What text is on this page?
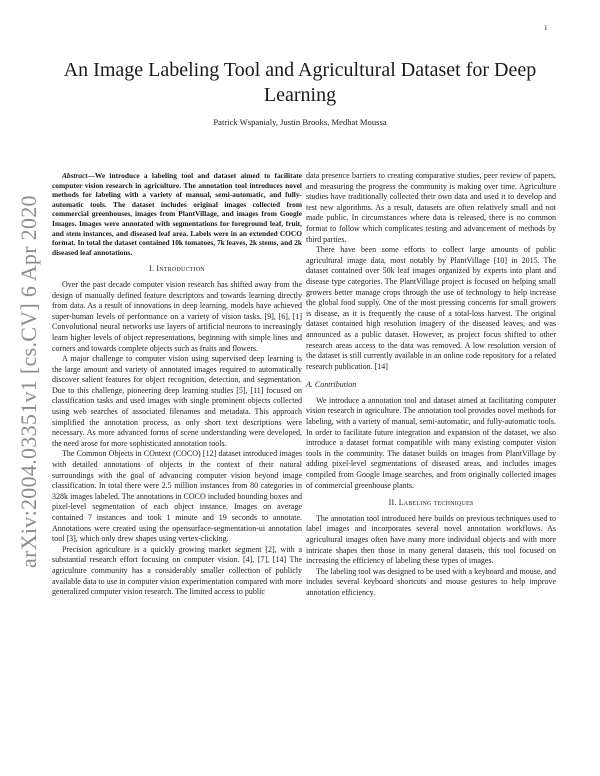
1
arXiv:2004.03351v1 [cs.CV] 6 Apr 2020
An Image Labeling Tool and Agricultural Dataset for Deep Learning
Patrick Wspanialy, Justin Brooks, Medhat Moussa

Abstract—We introduce a labeling tool and dataset aimed to facilitate computer vision research in agriculture. The annotation tool introduces novel methods for labeling with a variety of manual, semi-automatic, and fully-automatic tools. The dataset includes original images collected from commercial greenhouses, images from PlantVillage, and images from Google Images. Images were annotated with segmentations for foreground leaf, fruit, and stem instances, and diseased leaf area. Labels were in an extended COCO format. In total the dataset contained 10k tomatoes, 7k leaves, 2k stems, and 2k diseased leaf annotations.

I. Introduction

Over the past decade computer vision research has shifted away from the design of manually defined feature descriptors and towards learning directly from data. As a result of innovations in deep learning, models have achieved super-human levels of performance on a variety of vision tasks. [9], [6], [1] Convolutional neural networks use layers of artificial neurons to increasingly learn higher levels of object representations, beginning with simple lines and corners and towards complete objects such as fruits and flowers.

A major challenge to computer vision using supervised deep learning is the large amount and variety of annotated images required to automatically discover salient features for object recognition, detection, and segmentation. Due to this challenge, pioneering deep learning studies [5], [11] focused on classification tasks and used images with single prominent objects collected using web searches of associated filenames and metadata. This approach simplified the annotation process, as only short text descriptions were necessary. As more advanced forms of scene understanding were developed, the need arose for more sophisticated annotation tools.

The Common Objects in COntext (COCO) [12] dataset introduced images with detailed annotations of objects in the context of their natural surroundings with the goal of advancing computer vision beyond image classification. In total there were 2.5 million instances from 80 categories in 328k images labeled. The annotations in COCO included bounding boxes and pixel-level segmentation of each object instance. Images on average contained 7 instances and took 1 minute and 19 seconds to annotate. Annotations were created using the opensurface-segmentation-ui annotation tool [3], which only drew shapes using vertex-clicking.

Precision agriculture is a quickly growing market segment [2], with a substantial research effort focusing on computer vision. [4], [7], [14] The agriculture community has a considerably smaller collection of publicly available data to use in computer vision experimentation compared with more generalized computer vision research. The limited access to public

data presence barriers to creating comparative studies, peer review of papers, and measuring the progress the community is making over time. Agriculture studies have traditionally collected their own data and used it to develop and test new algorithms. As a result, datasets are often relatively small and not made public. In circumstances where data is released, there is no common format to follow which complicates testing and advancement of methods by third parties.

There have been some efforts to collect large amounts of public agricultural image data, most notably by PlantVillage [10] in 2015. The dataset contained over 50k leaf images organized by experts into plant and disease type categories. The PlantVillage project is focused on helping small growers better manage crops through the use of technology to help increase the global food supply. One of the most pressing concerns for small growers is disease, as it is frequently the cause of a total-loss harvest. The original dataset contained high resolution imagery of the diseased leaves, and was announced as a public dataset. However, as project focus shifted to other research areas access to the data was removed. A low resolution version of the dataset is still currently available in an online code repository for a related research publication. [14]

A. Contribution

We introduce a annotation tool and dataset aimed at facilitating computer vision research in agriculture. The annotation tool provides novel methods for labeling, with a variety of manual, semi-automatic, and fully-automatic tools. In order to facilitate future integration and expansion of the dataset, we also introduce a dataset format compatible with many existing computer vision tools in the community. The dataset builds on images from PlantVillage by adding pixel-level segmentations of diseased areas, and includes images compiled from Google Image searches, and from originally collected images of commercial greenhouse plants.

II. Labeling techniques

The annotation tool introduced here builds on previous techniques used to label images and incorporates several novel annotation workflows. As agricultural images often have many more individual objects and with more intricate shapes then those in many general datasets, this tool focused on increasing the efficiency of labeling these types of images.

The labeling tool was designed to be used with a keyboard and mouse, and includes several keyboard shortcuts and mouse gestures to help improve annotation efficiency.
